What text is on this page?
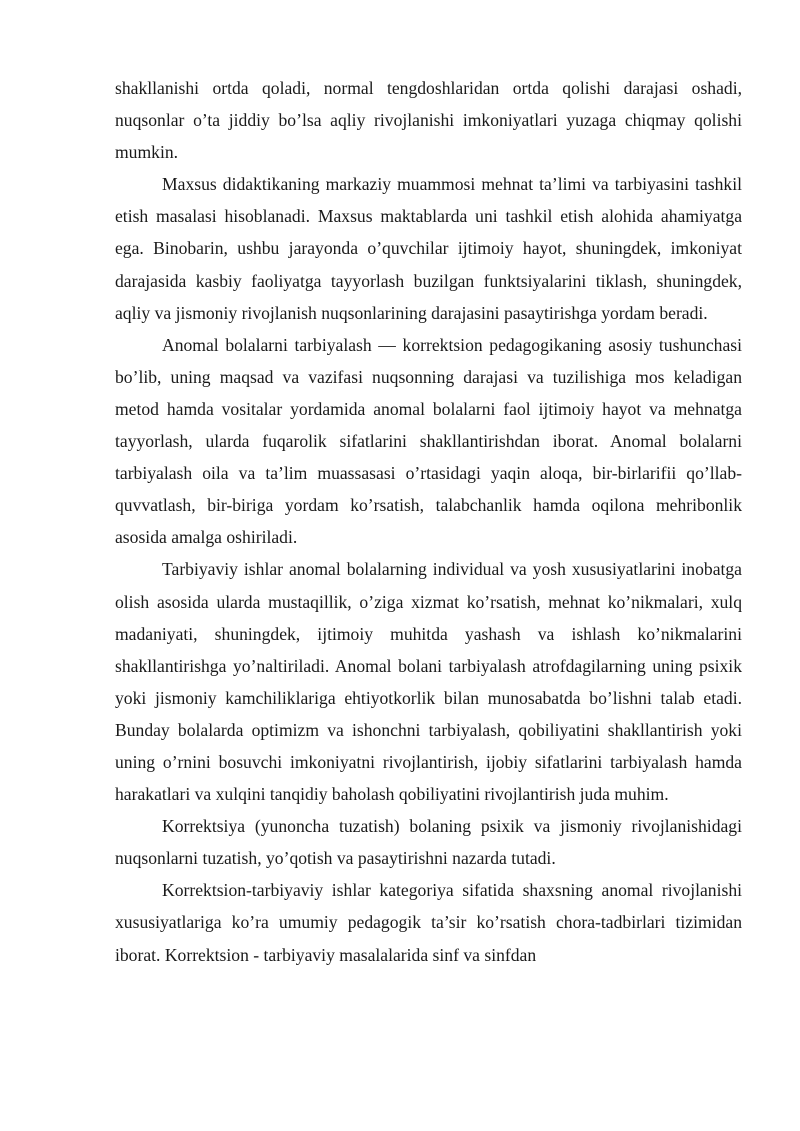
shakllanishi ortda qoladi, normal tengdoshlaridan ortda qolishi darajasi oshadi, nuqsonlar o’ta jiddiy bo’lsa aqliy rivojlanishi imkoniyatlari yuzaga chiqmay qolishi mumkin.

Maxsus didaktikaning markaziy muammosi mehnat ta’limi va tarbiyasini tashkil etish masalasi hisoblanadi. Maxsus maktablarda uni tashkil etish alohida ahamiyatga ega. Binobarin, ushbu jarayonda o’quvchilar ijtimoiy hayot, shuningdek, imkoniyat darajasida kasbiy faoliyatga tayyorlash buzilgan funktsiyalarini tiklash, shuningdek, aqliy va jismoniy rivojlanish nuqsonlarining darajasini pasaytirishga yordam beradi.

Anomal bolalarni tarbiyalash — korrektsion pedagogikaning asosiy tushunchasi bo’lib, uning maqsad va vazifasi nuqsonning darajasi va tuzilishiga mos keladigan metod hamda vositalar yordamida anomal bolalarni faol ijtimoiy hayot va mehnatga tayyorlash, ularda fuqarolik sifatlarini shakllantirishdan iborat. Anomal bolalarni tarbiyalash oila va ta’lim muassasasi o’rtasidagi yaqin aloqa, bir-birlarifii qo’llab- quvvatlash, bir-biriga yordam ko’rsatish, talabchanlik hamda oqilona mehribonlik asosida amalga oshiriladi.

Tarbiyaviy ishlar anomal bolalarning individual va yosh xususiyatlarini inobatga olish asosida ularda mustaqillik, o’ziga xizmat ko’rsatish, mehnat ko’nikmalari, xulq madaniyati, shuningdek, ijtimoiy muhitda yashash va ishlash ko’nikmalarini shakllantirishga yo’naltiriladi. Anomal bolani tarbiyalash atrofdagilarning uning psixik yoki jismoniy kamchiliklariga ehtiyotkorlik bilan munosabatda bo’lishni talab etadi. Bunday bolalarda optimizm va ishonchni tarbiyalash, qobiliyatini shakllantirish yoki uning o’rnini bosuvchi imkoniyatni rivojlantirish, ijobiy sifatlarini tarbiyalash hamda harakatlari va xulqini tanqidiy baholash qobiliyatini rivojlantirish juda muhim.

Korrektsiya (yunoncha tuzatish) bolaning psixik va jismoniy rivojlanishidagi nuqsonlarni tuzatish, yo’qotish va pasaytirishni nazarda tutadi.

Korrektsion-tarbiyaviy ishlar kategoriya sifatida shaxsning anomal rivojlanishi xususiyatlariga ko’ra umumiy pedagogik ta’sir ko’rsatish chora-tadbirlari tizimidan iborat. Korrektsion - tarbiyaviy masalalarida sinf va sinfdan
